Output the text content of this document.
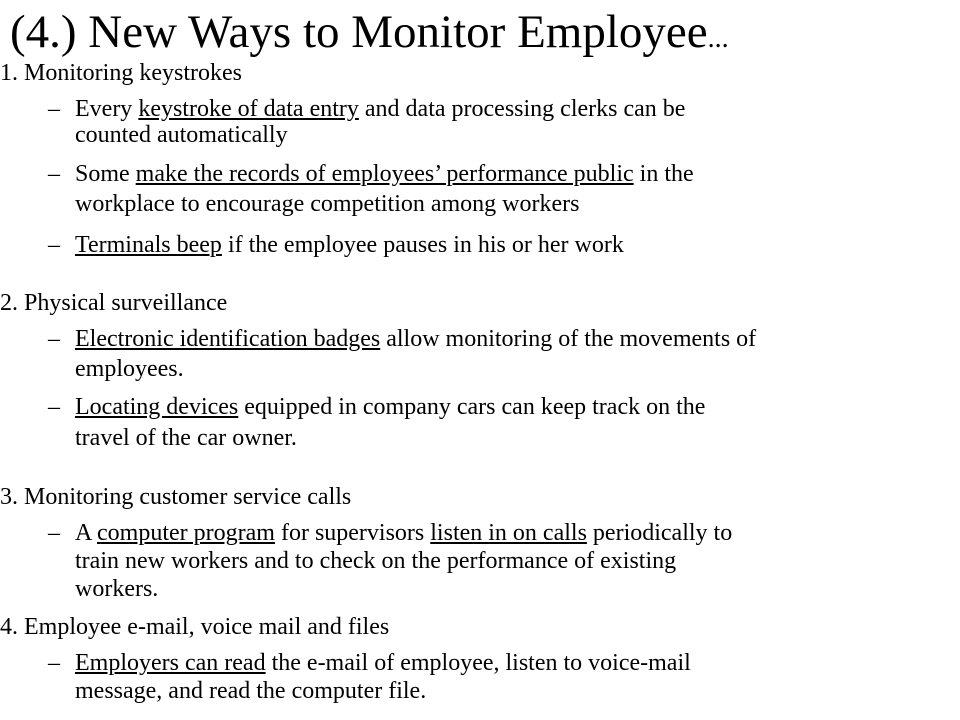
(4.) New Ways to Monitor Employee...
1. Monitoring keystrokes
– Every keystroke of data entry and data processing clerks can be
counted automatically
– Some make the records of employees’ performance public in the
workplace to encourage competition among workers
– Terminals beep if the employee pauses in his or her work
2. Physical surveillance
– Electronic identification badges allow monitoring of the movements of
employees.
– Locating devices equipped in company cars can keep track on the
travel of the car owner.
3. Monitoring customer service calls
– A computer program for supervisors listen in on calls periodically to
train new workers and to check on the performance of existing
workers.
4. Employee e-mail, voice mail and files
– Employers can read the e-mail of employee, listen to voice-mail
message, and read the computer file.
